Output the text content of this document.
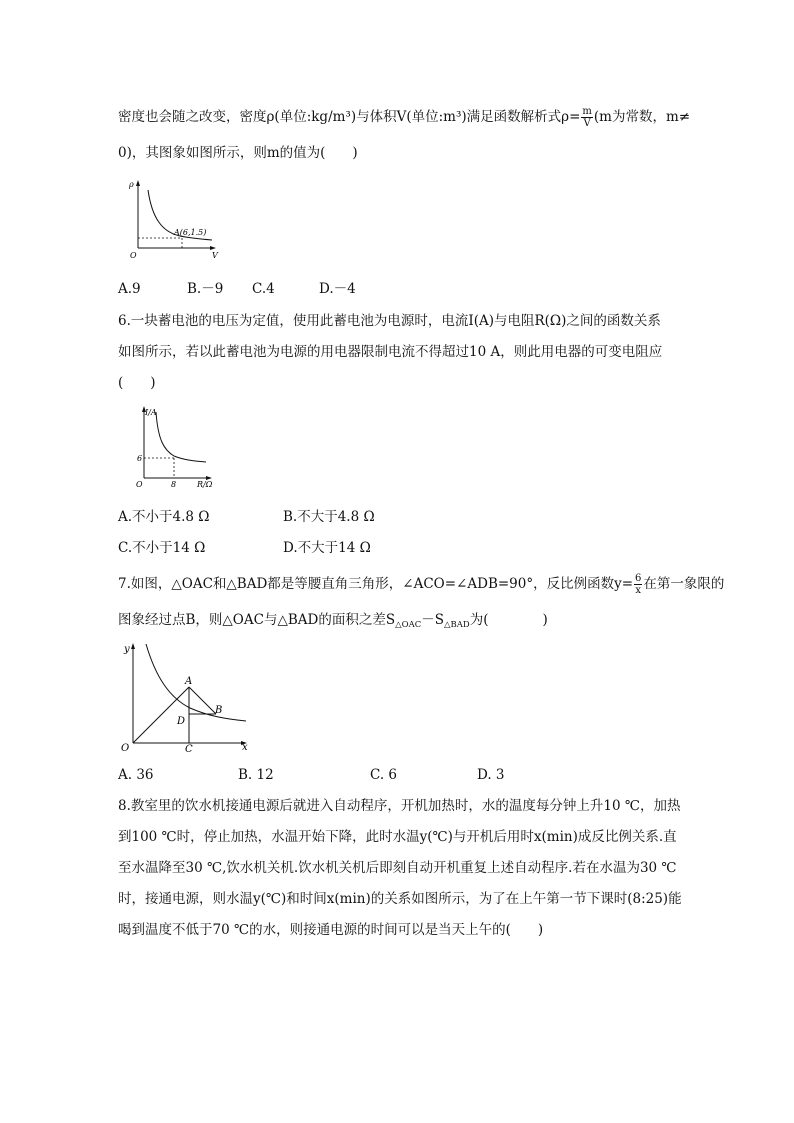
密度也会随之改变，密度ρ(单位:kg/m³)与体积V(单位:m³)满足函数解析式$\rho= \frac{m}{V} (m$为常数，m≠
0)，其图象如图所示，则m的值为(　　)
ρ
V
O
A(6,1.5)
A.9	B.－9 C.4	D.－4
6.一块蓄电池的电压为定值，使用此蓄电池为电源时，电流I(A)与电阻R(Ω)之间的函数关系
如图所示，若以此蓄电池为电源的用电器限制电流不得超过10 A，则此用电器的可变电阻应
(　　)
I/A
R/Ω
O
6
8
A.不小于4.8 Ω	B.不大于4.8 Ω
C.不小于14 Ω	D.不大于14 Ω
7.如图，△OAC和△BAD都是等腰直角三角形，∠ACO=∠ADB=90°，反比例函数$y= \frac{6}{x}$ 在第一象限的
图象经过点B，则△OAC与△BAD的面积之差$S_{\triangle OAC}-S_{\triangle BAD}$为(　　　　)
y
x
O
A
B
C
D
A. 36	B. 12	C. 6	D. 3
8.教室里的饮水机接通电源后就进入自动程序，开机加热时，水的温度每分钟上升10 ℃，加热
到100 ℃时，停止加热，水温开始下降，此时水温y(℃)与开机后用时x(min)成反比例关系.直
至水温降至30 ℃,饮水机关机.饮水机关机后即刻自动开机重复上述自动程序.若在水温为30 ℃
时，接通电源，则水温y(℃)和时间x(min)的关系如图所示，为了在上午第一节下课时(8:25)能
喝到温度不低于70 ℃的水，则接通电源的时间可以是当天上午的(　　)
